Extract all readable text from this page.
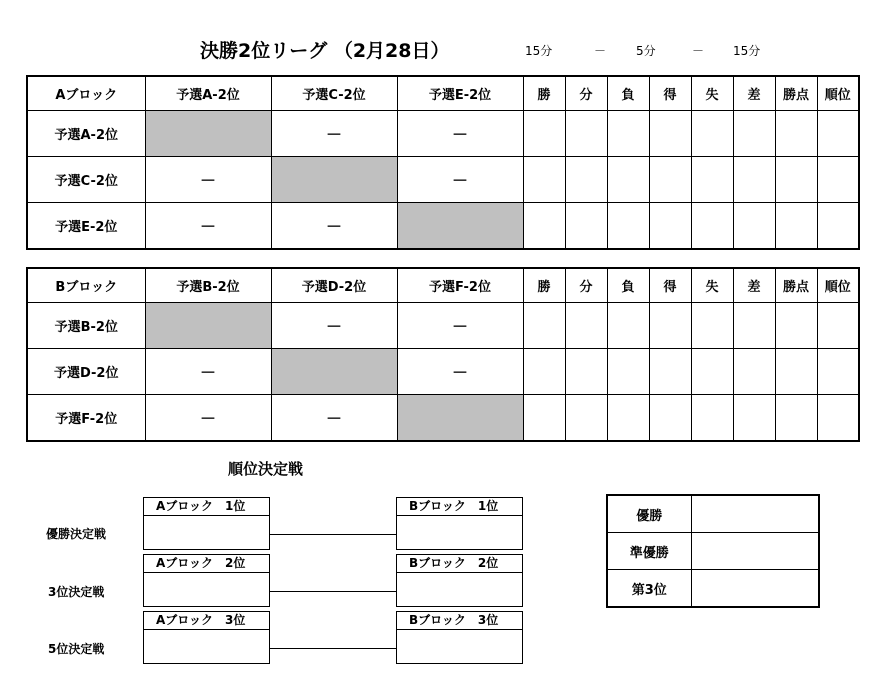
決勝2位リーグ （2月28日）	15分	－ 5分	－ 15分
Aブロック	予選A-2位	予選C-2位	予選E-2位	勝	分	負	得	失	差	勝点	順位
予選A-2位		－	－								
予選C-2位	－		－								
予選E-2位	－	－									
Bブロック	予選B-2位	予選D-2位	予選F-2位	勝	分	負	得	失	差	勝点	順位
予選B-2位		－	－								
予選D-2位	－		－								
予選F-2位	－	－									
順位決定戦
優勝決定戦
Aブロック　1位	Bブロック　1位
3位決定戦
Aブロック　2位	Bブロック　2位
5位決定戦
Aブロック　3位	Bブロック　3位
優勝	
準優勝	
第3位	
